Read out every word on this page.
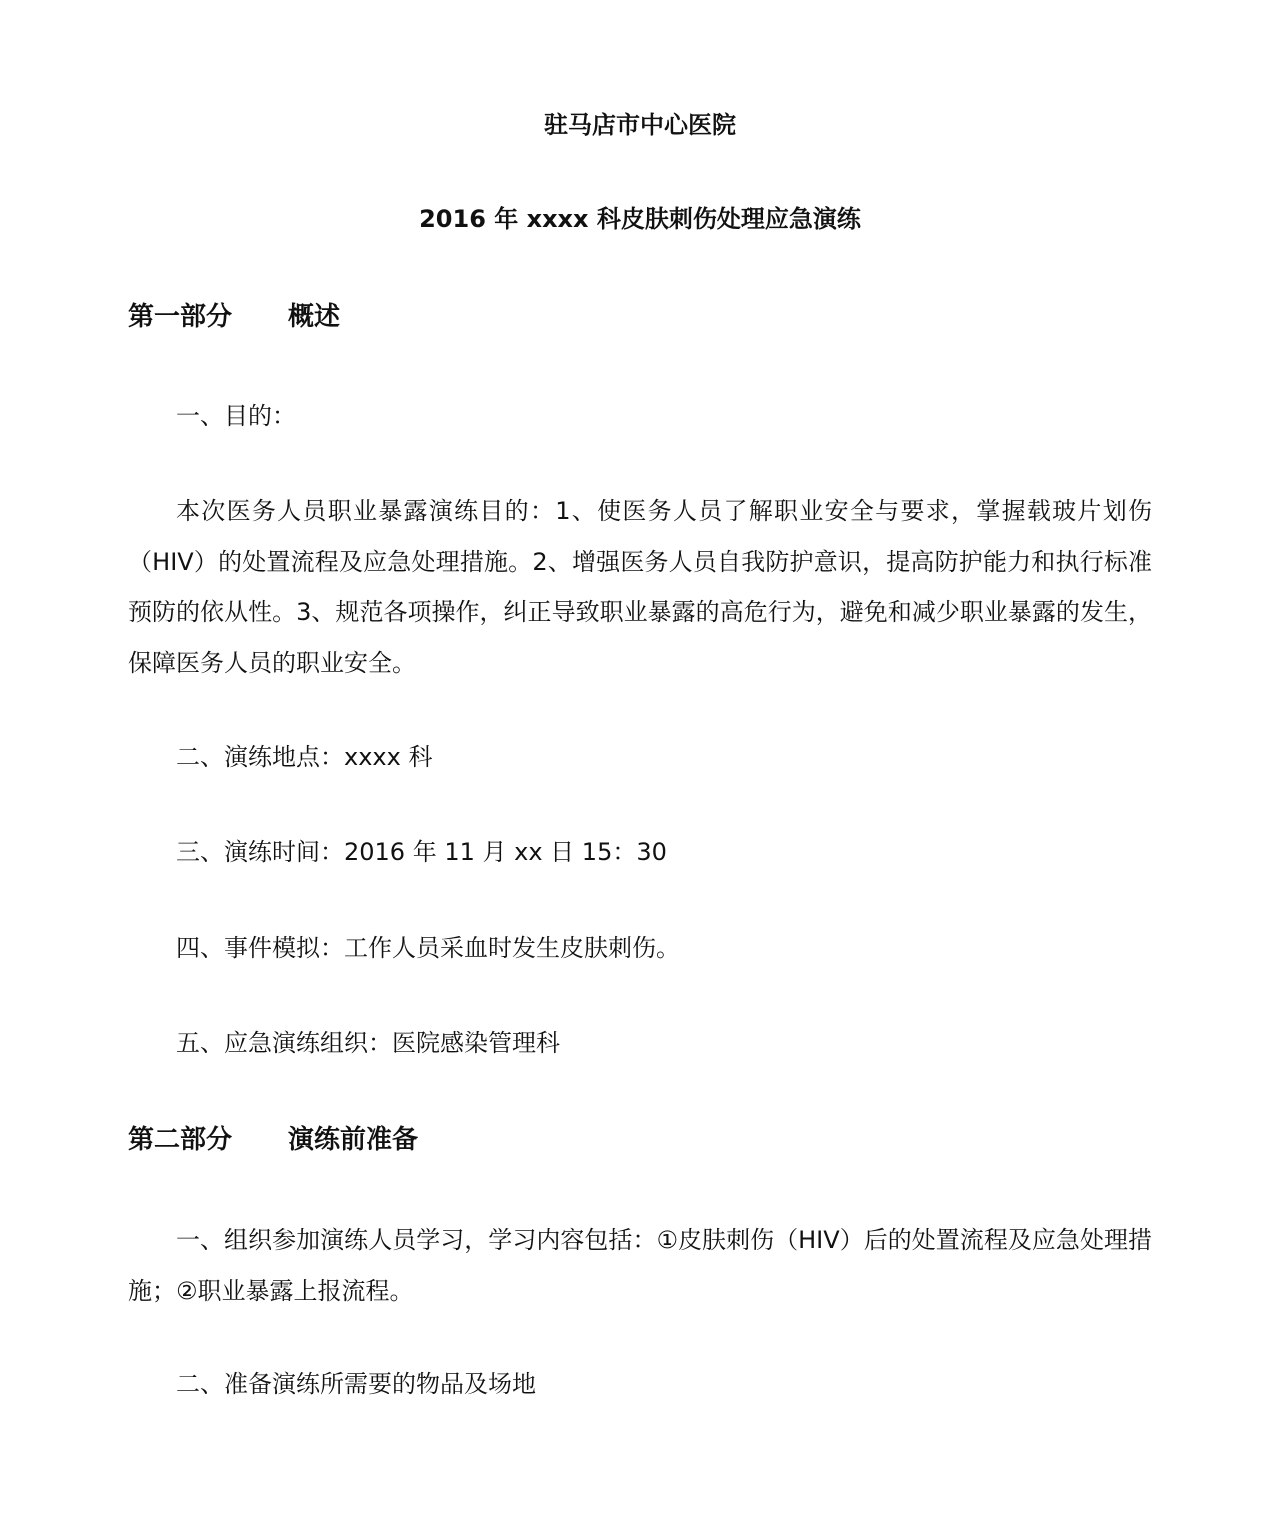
驻马店市中心医院
2016 年 xxxx 科皮肤刺伤处理应急演练
第一部分 概述
一、目的：
本次医务人员职业暴露演练目的：1、使医务人员了解职业安全与要求，掌握载玻片划伤（HIV）的处置流程及应急处理措施。2、增强医务人员自我防护意识，提高防护能力和执行标准预防的依从性。3、规范各项操作，纠正导致职业暴露的高危行为，避免和减少职业暴露的发生，保障医务人员的职业安全。
二、演练地点：xxxx 科
三、演练时间：2016 年 11 月 xx 日 15：30
四、事件模拟：工作人员采血时发生皮肤刺伤。
五、应急演练组织：医院感染管理科
第二部分 演练前准备
一、组织参加演练人员学习，学习内容包括：①皮肤刺伤（HIV）后的处置流程及应急处理措施；②职业暴露上报流程。
二、准备演练所需要的物品及场地
